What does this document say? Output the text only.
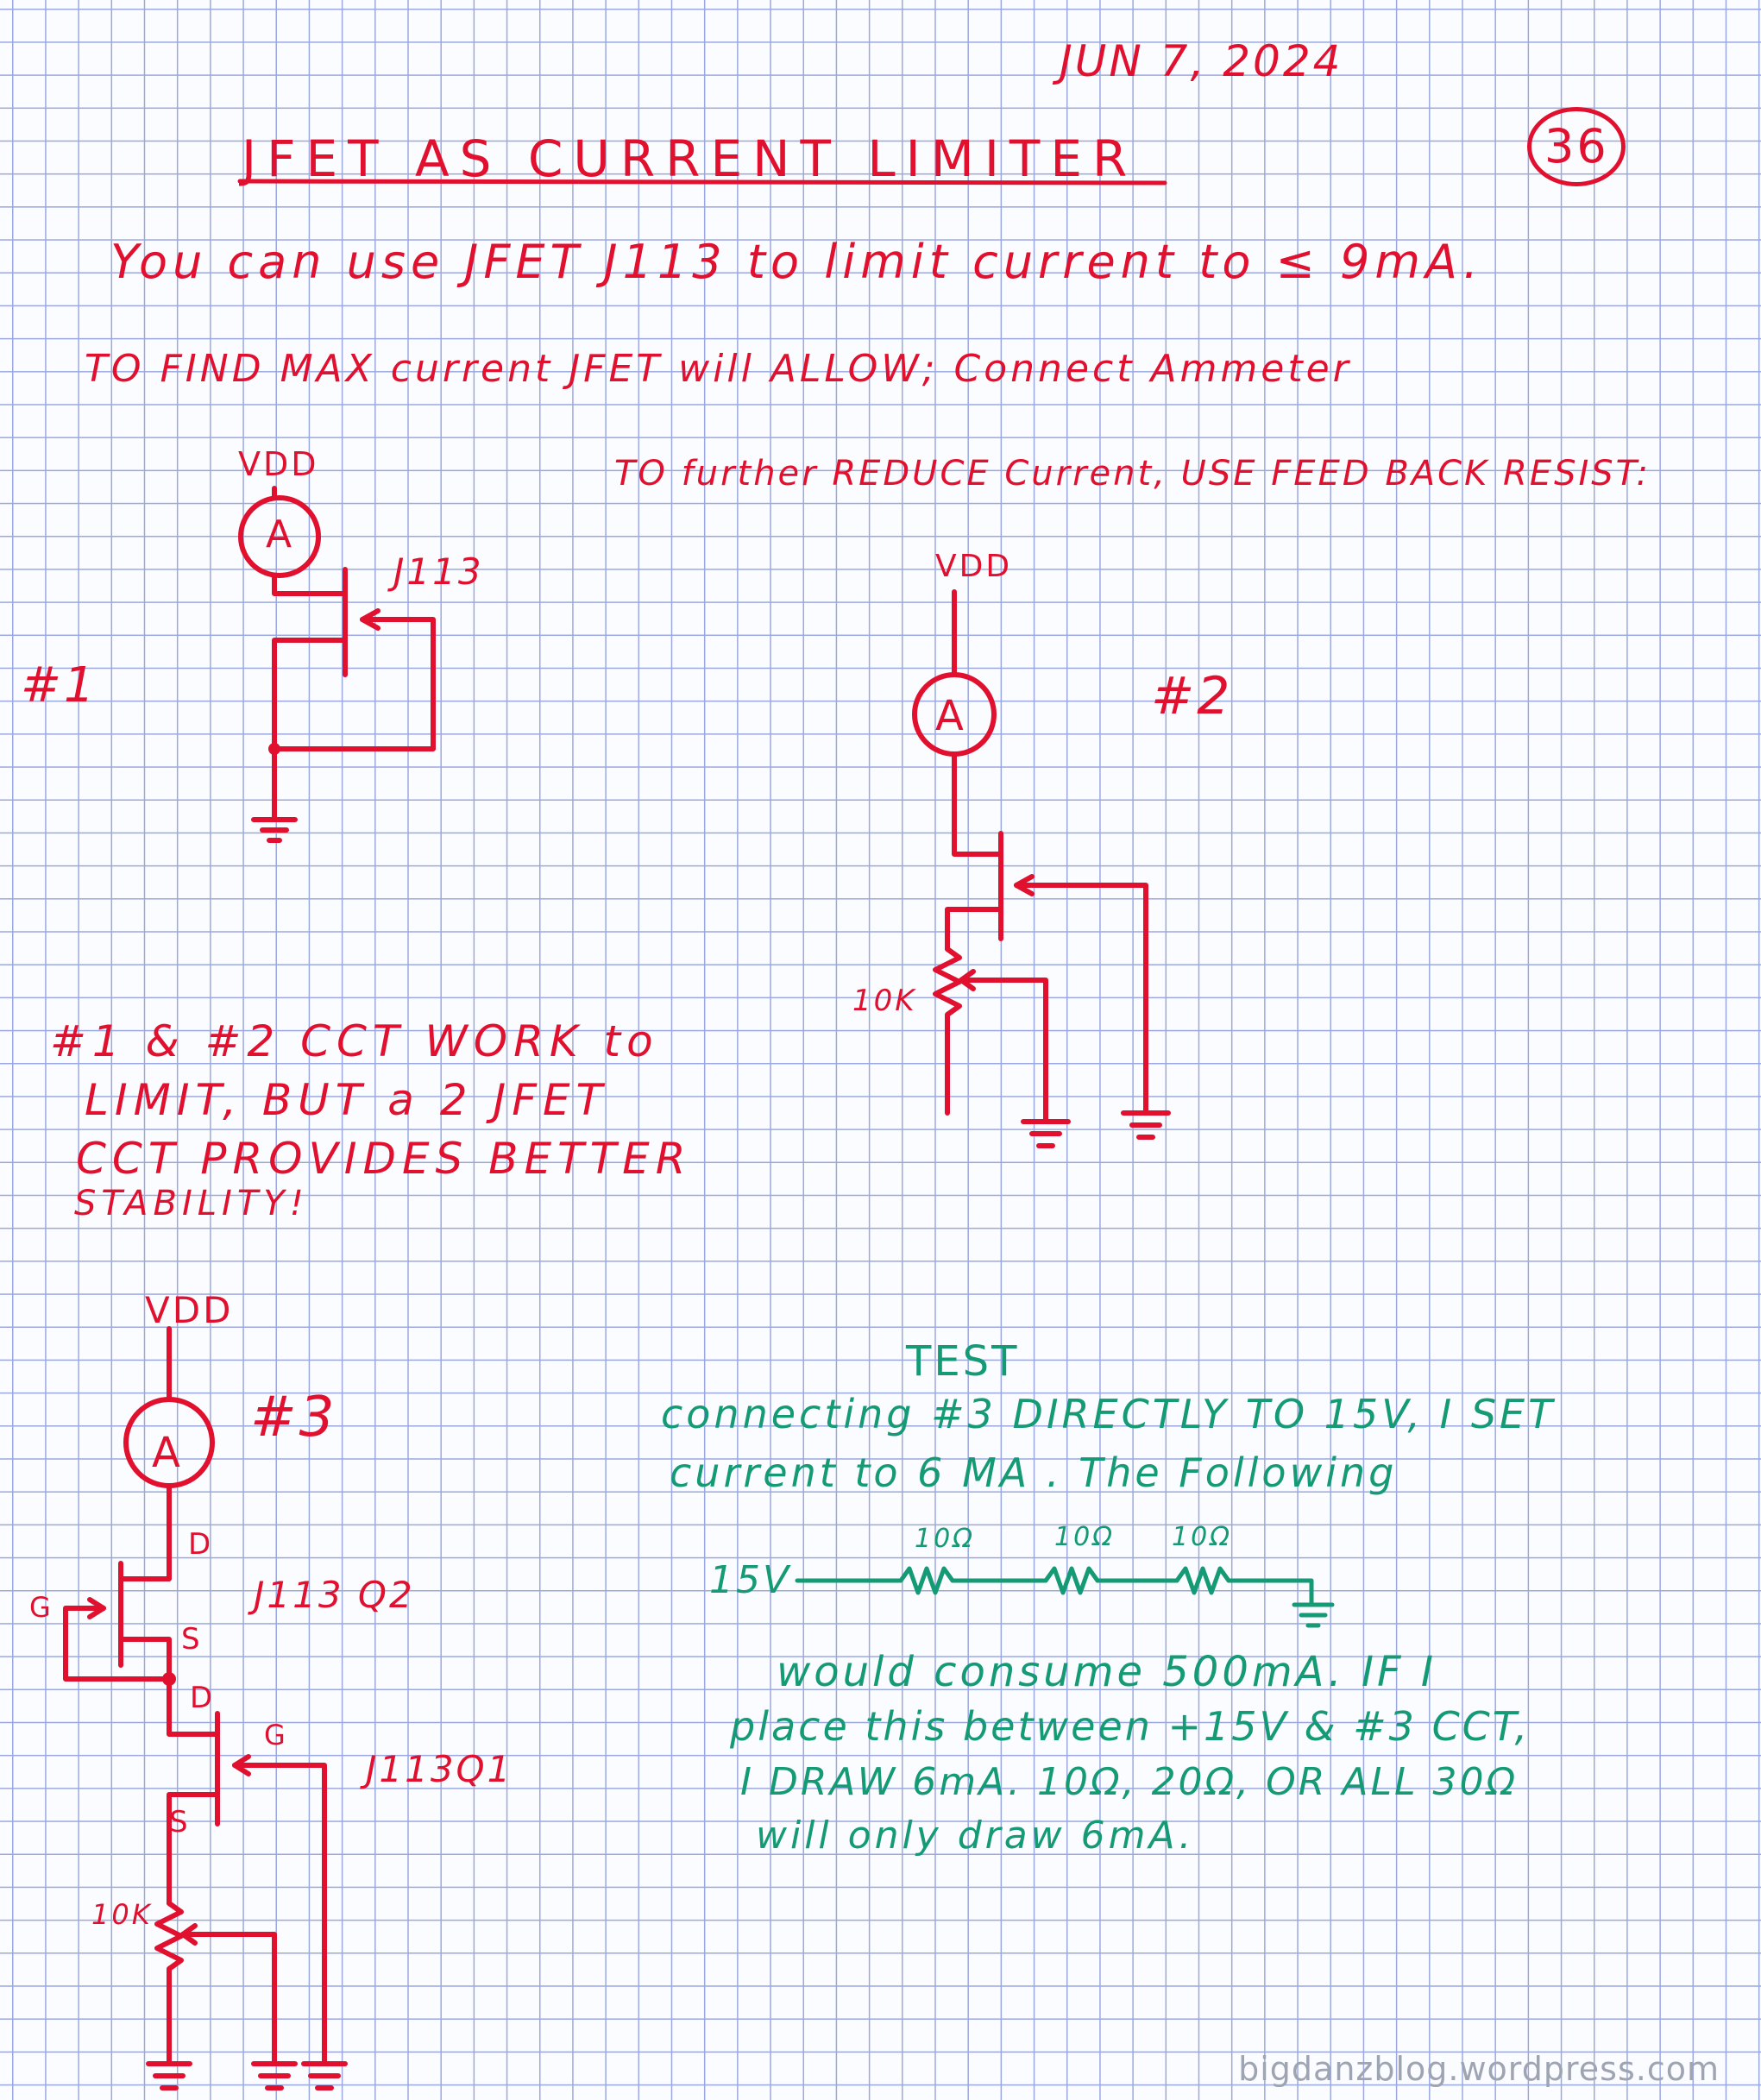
JUN 7, 2024
JFET AS CURRENT LIMITER	36
You can use JFET J113 to limit current to ≤ 9mA.
TO FIND MAX current JFET will ALLOW; Connect Ammeter
TO further REDUCE Current, USE FEED BACK RESIST:
#1
VDD
A
J113	VDD
A	#2
10K
#1 & #2 CCT WORK to
LIMIT, BUT a 2 JFET
CCT PROVIDES BETTER
STABILITY!
VDD
#3
A
J113 Q2
J113Q1
D
S
D
G
G
S
10K
TEST
connecting #3 DIRECTLY TO 15V, I SET
current to 6 MA . The Following
15V
10Ω	10Ω 10Ω
would consume 500mA. IF I
place this between +15V & #3 CCT,
I DRAW 6mA. 10Ω, 20Ω, OR ALL 30Ω
will only draw 6mA.
bigdanzblog.wordpress.com
